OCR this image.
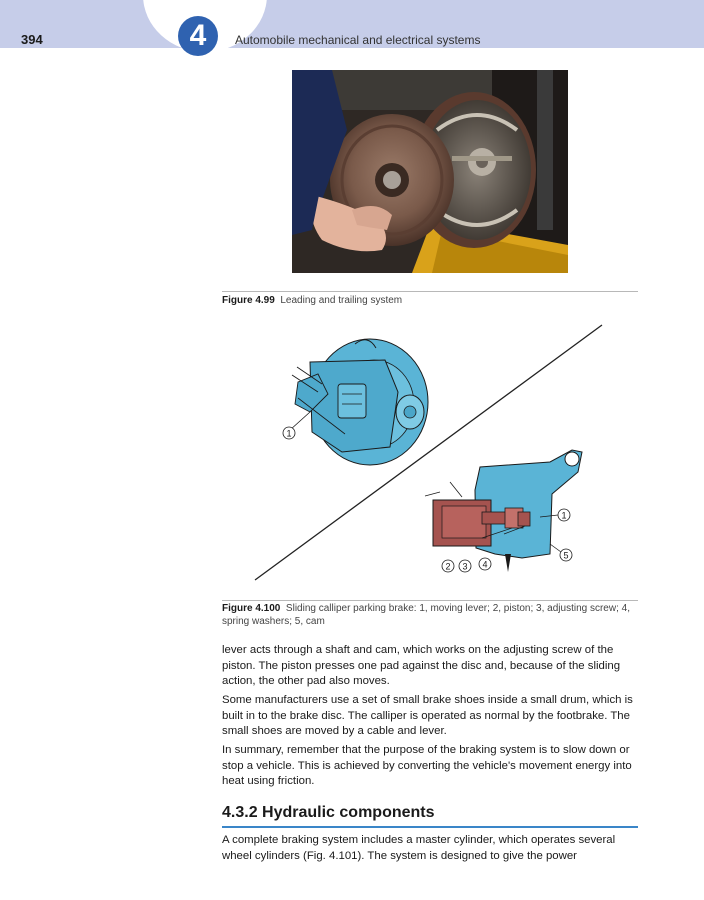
394	4	Automobile mechanical and electrical systems
Figure 4.99 Leading and trailing system
1
1
5
2 3 4
Figure 4.100 Sliding calliper parking brake: 1, moving lever; 2, piston; 3, adjusting screw; 4, spring washers; 5, cam

lever acts through a shaft and cam, which works on the adjusting screw of the piston. The piston presses one pad against the disc and, because of the sliding action, the other pad also moves.

Some manufacturers use a set of small brake shoes inside a small drum, which is built in to the brake disc. The calliper is operated as normal by the footbrake. The small shoes are moved by a cable and lever.

In summary, remember that the purpose of the braking system is to slow down or stop a vehicle. This is achieved by converting the vehicle's movement energy into heat using friction.

4.3.2 Hydraulic components

A complete braking system includes a master cylinder, which operates several wheel cylinders (Fig. 4.101). The system is designed to give the power
